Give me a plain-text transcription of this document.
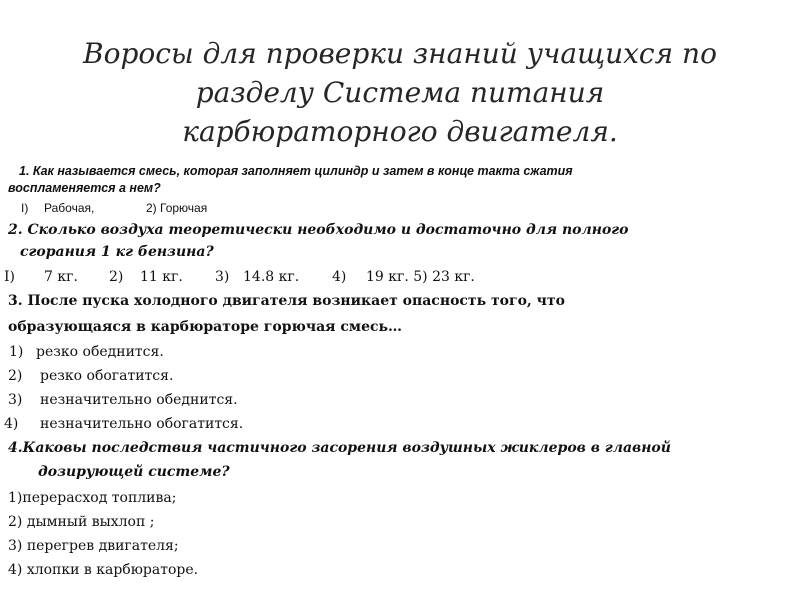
Воросы для проверки знаний учащихся по
разделу Система питания
карбюраторного двигателя.
1. Как называется смесь, которая заполняет цилиндр и затем в конце такта сжатия
воспламеняется а нем?
I) Рабочая,	2) Горючая
2. Сколько воздуха теоретически необходимо и достаточно для полного
сгорания 1 кг бензина?
I) 7 кг. 2) 11 кг. 3) 14.8 кг. 4) 19 кг. 5) 23 кг.
3. После пуска холодного двигателя возникает опасность того, что
образующаяся в карбюраторе горючая смесь…
1) резко обеднится.
2) резко обогатится.
3) незначительно обеднится.
4) незначительно обогатится.
4.Каковы последствия частичного засорения воздушных жиклеров в главной
дозирующей системе?
1)перерасход топлива;
2) дымный выхлоп ;
3) перегрев двигателя;
4) хлопки в карбюраторе.
